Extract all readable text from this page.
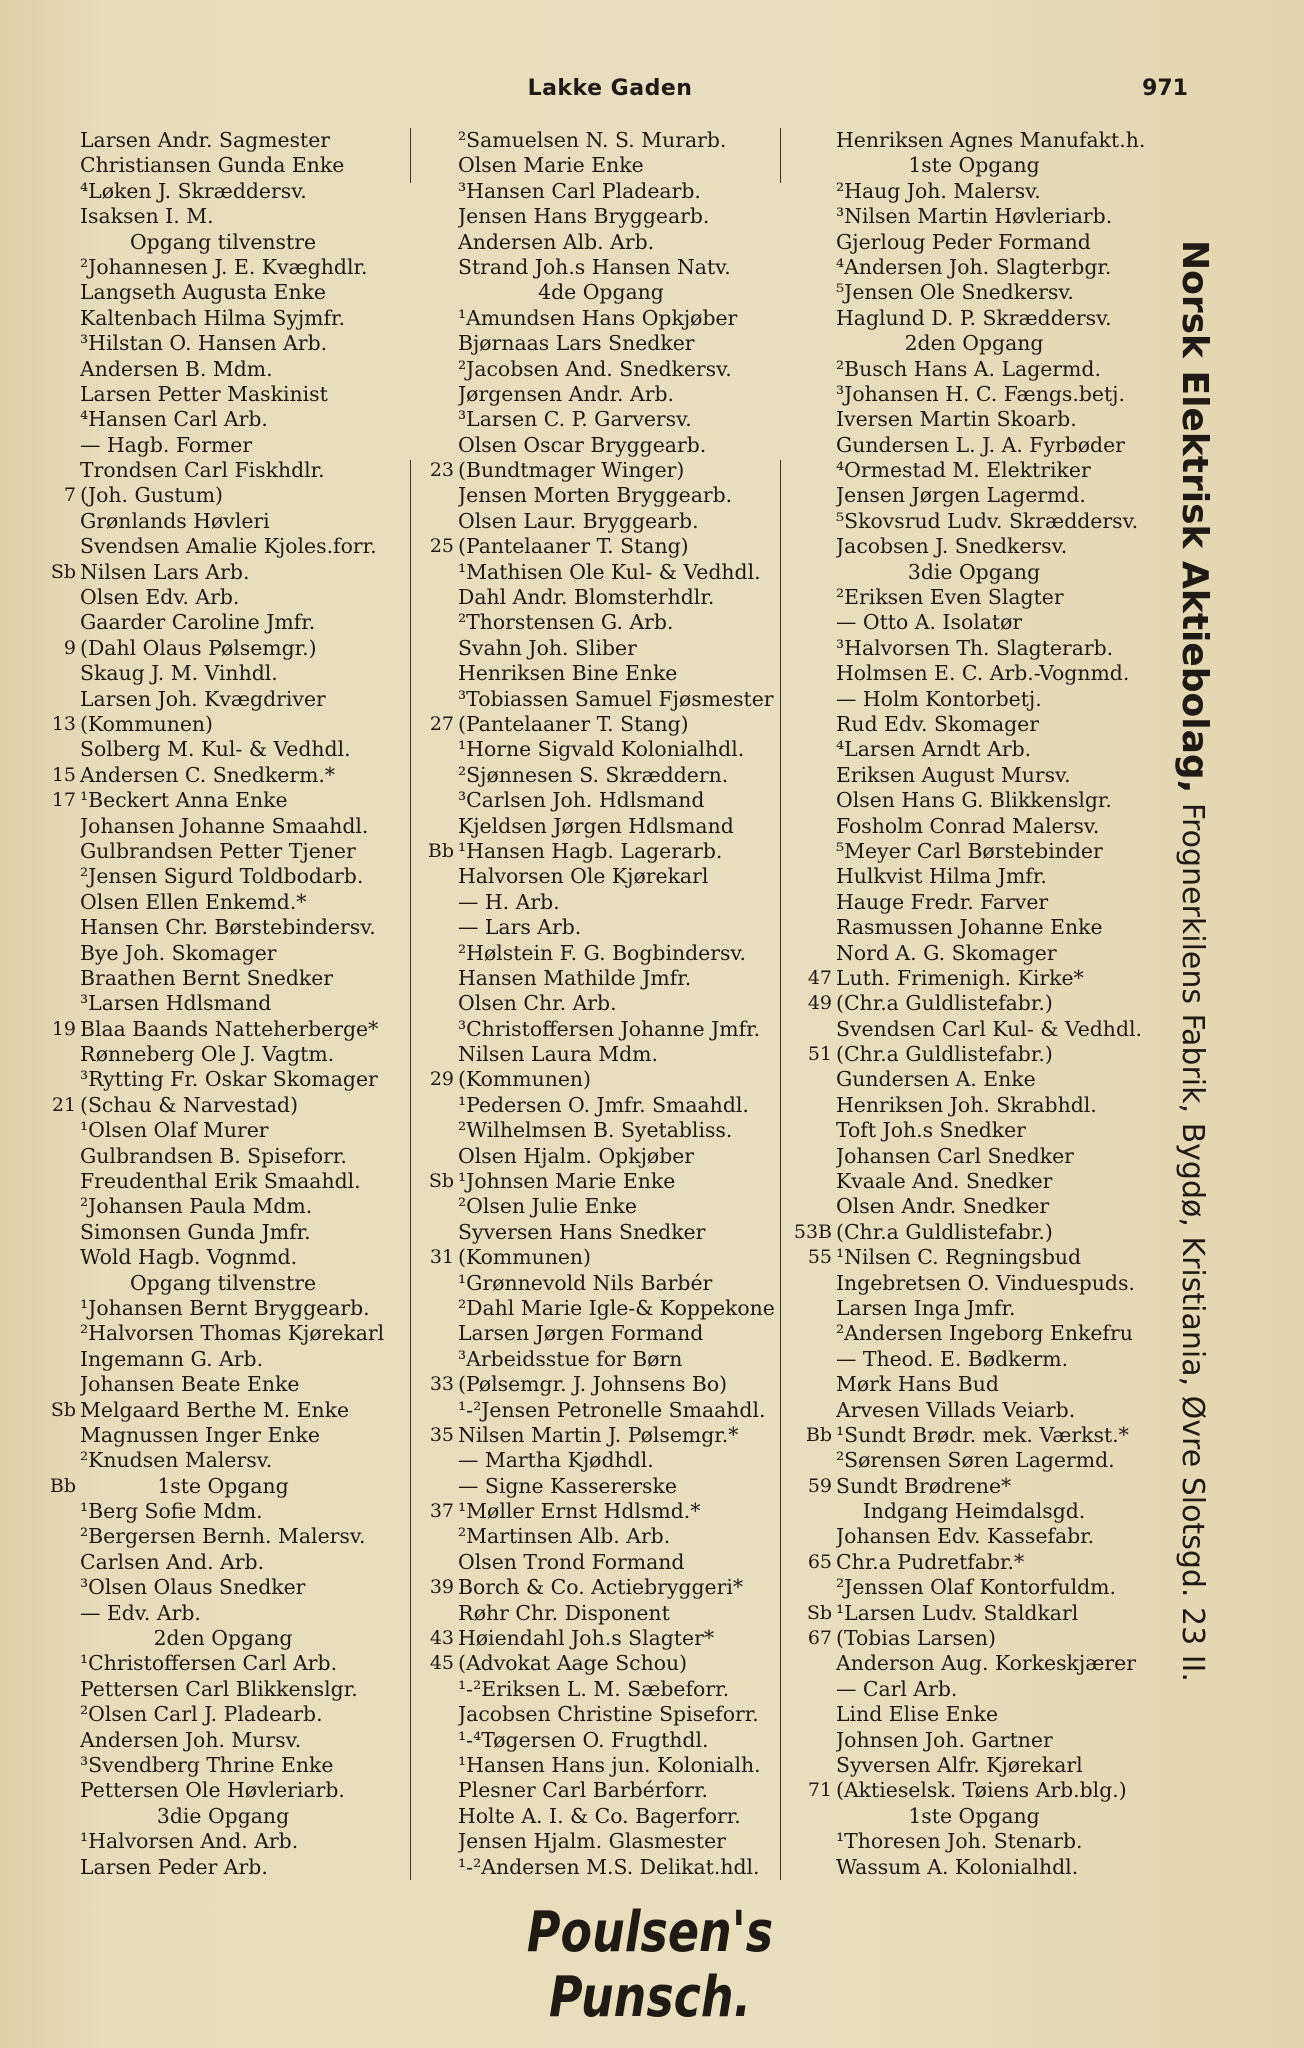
Lakke Gaden	971
Larsen Andr. Sagmester
Christiansen Gunda Enke
⁴Løken J. Skræddersv.
Isaksen I. M.
Opgang tilvenstre
²Johannesen J. E. Kvæghdlr.
Langseth Augusta Enke
Kaltenbach Hilma Syjmfr.
³Hilstan O. Hansen Arb.
Andersen B. Mdm.
Larsen Petter Maskinist
⁴Hansen Carl Arb.
— Hagb. Former
Trondsen Carl Fiskhdlr.
7 (Joh. Gustum)
Grønlands Høvleri
Svendsen Amalie Kjoles.forr.
Sb Nilsen Lars Arb.
Olsen Edv. Arb.
Gaarder Caroline Jmfr.
9 (Dahl Olaus Pølsemgr.)
Skaug J. M. Vinhdl.
Larsen Joh. Kvægdriver
13 (Kommunen)
Solberg M. Kul- & Vedhdl.
15 Andersen C. Snedkerm.*
17 ¹Beckert Anna Enke
Johansen Johanne Smaahdl.
Gulbrandsen Petter Tjener
²Jensen Sigurd Toldbodarb.
Olsen Ellen Enkemd.*
Hansen Chr. Børstebindersv.
Bye Joh. Skomager
Braathen Bernt Snedker
³Larsen Hdlsmand
19 Blaa Baands Natteherberge*
Rønneberg Ole J. Vagtm.
³Rytting Fr. Oskar Skomager
21 (Schau & Narvestad)
¹Olsen Olaf Murer
Gulbrandsen B. Spiseforr.
Freudenthal Erik Smaahdl.
²Johansen Paula Mdm.
Simonsen Gunda Jmfr.
Wold Hagb. Vognmd.
Opgang tilvenstre
¹Johansen Bernt Bryggearb.
²Halvorsen Thomas Kjørekarl
Ingemann G. Arb.
Johansen Beate Enke
Sb Melgaard Berthe M. Enke
Magnussen Inger Enke
²Knudsen Malersv.
Bb	1ste Opgang
¹Berg Sofie Mdm.
²Bergersen Bernh. Malersv.
Carlsen And. Arb.
³Olsen Olaus Snedker
— Edv. Arb.
2den Opgang
¹Christoffersen Carl Arb.
Pettersen Carl Blikkenslgr.
²Olsen Carl J. Pladearb.
Andersen Joh. Mursv.
³Svendberg Thrine Enke
Pettersen Ole Høvleriarb.
3die Opgang
¹Halvorsen And. Arb.
Larsen Peder Arb.
²Samuelsen N. S. Murarb.
Olsen Marie Enke
³Hansen Carl Pladearb.
Jensen Hans Bryggearb.
Andersen Alb. Arb.
Strand Joh.s Hansen Natv.
4de Opgang
¹Amundsen Hans Opkjøber
Bjørnaas Lars Snedker
²Jacobsen And. Snedkersv.
Jørgensen Andr. Arb.
³Larsen C. P. Garversv.
Olsen Oscar Bryggearb.
23 (Bundtmager Winger)
Jensen Morten Bryggearb.
Olsen Laur. Bryggearb.
25 (Pantelaaner T. Stang)
¹Mathisen Ole Kul- & Vedhdl.
Dahl Andr. Blomsterhdlr.
²Thorstensen G. Arb.
Svahn Joh. Sliber
Henriksen Bine Enke
³Tobiassen Samuel Fjøsmester
27 (Pantelaaner T. Stang)
¹Horne Sigvald Kolonialhdl.
²Sjønnesen S. Skræddern.
³Carlsen Joh. Hdlsmand
Kjeldsen Jørgen Hdlsmand
Bb ¹Hansen Hagb. Lagerarb.
Halvorsen Ole Kjørekarl
— H. Arb.
— Lars Arb.
²Hølstein F. G. Bogbindersv.
Hansen Mathilde Jmfr.
Olsen Chr. Arb.
³Christoffersen Johanne Jmfr.
Nilsen Laura Mdm.
29 (Kommunen)
¹Pedersen O. Jmfr. Smaahdl.
²Wilhelmsen B. Syetabliss.
Olsen Hjalm. Opkjøber
Sb ¹Johnsen Marie Enke
²Olsen Julie Enke
Syversen Hans Snedker
31 (Kommunen)
¹Grønnevold Nils Barbér
²Dahl Marie Igle-& Koppekone
Larsen Jørgen Formand
³Arbeidsstue for Børn
33 (Pølsemgr. J. Johnsens Bo)
¹-²Jensen Petronelle Smaahdl.
35 Nilsen Martin J. Pølsemgr.*
— Martha Kjødhdl.
— Signe Kassererske
37 ¹Møller Ernst Hdlsmd.*
²Martinsen Alb. Arb.
Olsen Trond Formand
39 Borch & Co. Actiebryggeri*
Røhr Chr. Disponent
43 Høiendahl Joh.s Slagter*
45 (Advokat Aage Schou)
¹-²Eriksen L. M. Sæbeforr.
Jacobsen Christine Spiseforr.
¹-⁴Tøgersen O. Frugthdl.
¹Hansen Hans jun. Kolonialh.
Plesner Carl Barbérforr.
Holte A. I. & Co. Bagerforr.
Jensen Hjalm. Glasmester
¹-²Andersen M.S. Delikat.hdl.
Henriksen Agnes Manufakt.h.
1ste Opgang
²Haug Joh. Malersv.
³Nilsen Martin Høvleriarb.
Gjerloug Peder Formand
⁴Andersen Joh. Slagterbgr.
⁵Jensen Ole Snedkersv.
Haglund D. P. Skræddersv.
2den Opgang
²Busch Hans A. Lagermd.
³Johansen H. C. Fængs.betj.
Iversen Martin Skoarb.
Gundersen L. J. A. Fyrbøder
⁴Ormestad M. Elektriker
Jensen Jørgen Lagermd.
⁵Skovsrud Ludv. Skræddersv.
Jacobsen J. Snedkersv.
3die Opgang
²Eriksen Even Slagter
— Otto A. Isolatør
³Halvorsen Th. Slagterarb.
Holmsen E. C. Arb.-Vognmd.
— Holm Kontorbetj.
Rud Edv. Skomager
⁴Larsen Arndt Arb.
Eriksen August Mursv.
Olsen Hans G. Blikkenslgr.
Fosholm Conrad Malersv.
⁵Meyer Carl Børstebinder
Hulkvist Hilma Jmfr.
Hauge Fredr. Farver
Rasmussen Johanne Enke
Nord A. G. Skomager
47 Luth. Frimenigh. Kirke*
49 (Chr.a Guldlistefabr.)
Svendsen Carl Kul- & Vedhdl.
51 (Chr.a Guldlistefabr.)
Gundersen A. Enke
Henriksen Joh. Skrabhdl.
Toft Joh.s Snedker
Johansen Carl Snedker
Kvaale And. Snedker
Olsen Andr. Snedker
53B (Chr.a Guldlistefabr.)
55 ¹Nilsen C. Regningsbud
Ingebretsen O. Vinduespuds.
Larsen Inga Jmfr.
²Andersen Ingeborg Enkefru
— Theod. E. Bødkerm.
Mørk Hans Bud
Arvesen Villads Veiarb.
Bb ¹Sundt Brødr. mek. Værkst.*
²Sørensen Søren Lagermd.
59 Sundt Brødrene*
Indgang Heimdalsgd.
Johansen Edv. Kassefabr.
65 Chr.a Pudretfabr.*
²Jenssen Olaf Kontorfuldm.
Sb ¹Larsen Ludv. Staldkarl
67 (Tobias Larsen)
Anderson Aug. Korkeskjærer
— Carl Arb.
Lind Elise Enke
Johnsen Joh. Gartner
Syversen Alfr. Kjørekarl
71 (Aktieselsk. Tøiens Arb.blg.)
1ste Opgang
¹Thoresen Joh. Stenarb.
Wassum A. Kolonialhdl.
Norsk Elektrisk Aktiebolag, Frognerkilens Fabrik, Bygdø, Kristiania, Øvre Slotsgd. 23 II.
Poulsen's Punsch.
